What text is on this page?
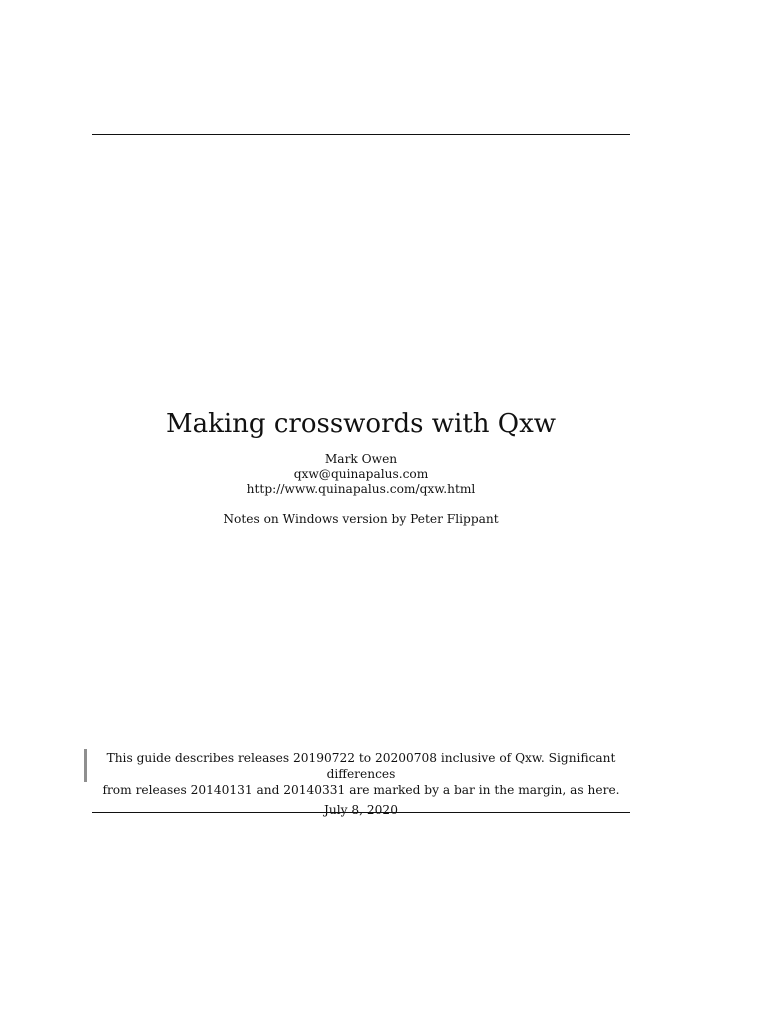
Making crosswords with Qxw
Mark Owen
qxw@quinapalus.com
http://www.quinapalus.com/qxw.html
Notes on Windows version by Peter Flippant
This guide describes releases 20190722 to 20200708 inclusive of Qxw. Significant differences
from releases 20140131 and 20140331 are marked by a bar in the margin, as here.
July 8, 2020
